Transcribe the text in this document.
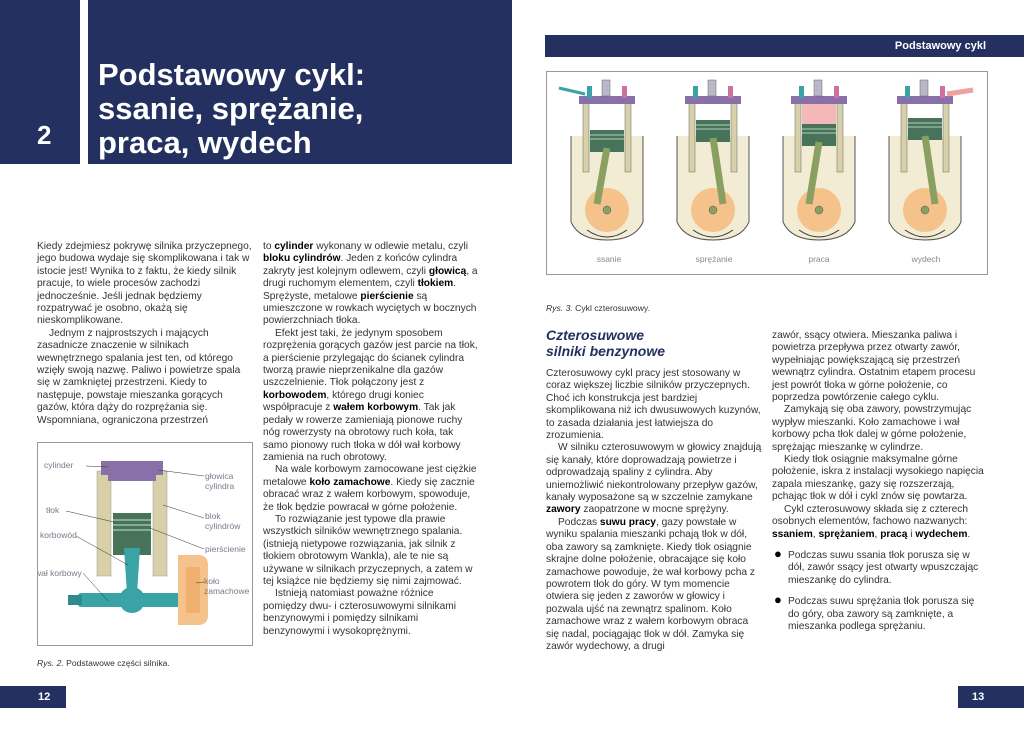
2
Podstawowy cykl:
ssanie, sprężanie,
praca, wydech
Podstawowy cykl

Kiedy zdejmiesz pokrywę silnika przyczepnego, jego budowa wydaje się skomplikowana i tak w istocie jest! Wynika to z faktu, że kiedy silnik pracuje, to wiele procesów zachodzi jednocześnie. Jeśli jednak będziemy rozpatrywać je osobno, okażą się nieskomplikowane.

Jednym z najprostszych i mających zasadnicze znaczenie w silnikach wewnętrznego spalania jest ten, od którego wzięły swoją nazwę. Paliwo i powietrze spala się w zamkniętej przestrzeni. Kiedy to następuje, powstaje mieszanka gorących gazów, która dąży do rozprężania się. Wspomniana, ograniczona przestrzeń

cylinder
tłok
korbowód
wał korbowy
głowica
cylindra
blok
cylindrów
pierścienie
koło
zamachowe
Rys. 2. Podstawowe części silnika.

to cylinder wykonany w odlewie metalu, czyli bloku cylindrów. Jeden z końców cylindra zakryty jest kolejnym odlewem, czyli głowicą, a drugi ruchomym elementem, czyli tłokiem. Sprężyste, metalowe pierścienie są umieszczone w rowkach wyciętych w bocznych powierzchniach tłoka.

Efekt jest taki, że jedynym sposobem rozprężenia gorących gazów jest parcie na tłok, a pierścienie przylegając do ścianek cylindra tworzą prawie nieprzenikalne dla gazów uszczelnienie. Tłok połączony jest z korbowodem, którego drugi koniec współpracuje z wałem korbowym. Tak jak pedały w rowerze zamieniają pionowe ruchy nóg rowerzysty na obrotowy ruch koła, tak samo pionowy ruch tłoka w dół wał korbowy zamienia na ruch obrotowy.

Na wale korbowym zamocowane jest ciężkie metalowe koło zamachowe. Kiedy się zacznie obracać wraz z wałem korbowym, spowoduje, że tłok będzie powracał w górne położenie.

To rozwiązanie jest typowe dla prawie wszystkich silników wewnętrznego spalania. (istnieją nietypowe rozwiązania, jak silnik z tłokiem obrotowym Wankla), ale te nie są używane w silnikach przyczepnych, a zatem w tej książce nie będziemy się nimi zajmować.

Istnieją natomiast poważne różnice pomiędzy dwu- i czterosuwowymi silnikami benzynowymi i pomiędzy silnikami benzynowymi i wysokoprężnymi.

ssanie	sprężanie	praca	wydech
Rys. 3. Cykl czterosuwowy.
Czterosuwowe
silniki benzynowe

Czterosuwowy cykl pracy jest stosowany w coraz większej liczbie silników przyczepnych. Choć ich konstrukcja jest bardziej skomplikowana niż ich dwusuwowych kuzynów, to zasada działania jest łatwiejsza do zrozumienia.

W silniku czterosuwowym w głowicy znajdują się kanały, które doprowadzają powietrze i odprowadzają spaliny z cylindra. Aby uniemożliwić niekontrolowany przepływ gazów, kanały wyposażone są w szczelnie zamykane zawory zaopatrzone w mocne sprężyny.

Podczas suwu pracy, gazy powstałe w wyniku spalania mieszanki pchają tłok w dół, oba zawory są zamknięte. Kiedy tłok osiągnie skrajne dolne położenie, obracające się koło zamachowe powoduje, że wał korbowy pcha z powrotem tłok do góry. W tym momencie otwiera się jeden z zaworów w głowicy i pozwala ujść na zewnątrz spalinom. Koło zamachowe wraz z wałem korbowym obraca się nadal, pociągając tłok w dół. Zamyka się zawór wydechowy, a drugi

zawór, ssący otwiera. Mieszanka paliwa i powietrza przepływa przez otwarty zawór, wypełniając powiększającą się przestrzeń wewnątrz cylindra. Ostatnim etapem procesu jest powrót tłoka w górne położenie, co poprzedza powtórzenie całego cyklu.

Zamykają się oba zawory, powstrzymując wypływ mieszanki. Koło zamachowe i wał korbowy pcha tłok dalej w górne położenie, sprężając mieszankę w cylindrze.

Kiedy tłok osiągnie maksymalne górne położenie, iskra z instalacji wysokiego napięcia zapala mieszankę, gazy się rozszerzają, pchając tłok w dół i cykl znów się powtarza.

Cykl czterosuwowy składa się z czterech osobnych elementów, fachowo nazwanych: ssaniem, sprężaniem, pracą i wydechem.

● Podczas suwu ssania tłok porusza się w dół, zawór ssący jest otwarty wpuszczając mieszankę do cylindra.
● Podczas suwu sprężania tłok porusza się do góry, oba zawory są zamknięte, a mieszanka podlega sprężaniu.
12	13
